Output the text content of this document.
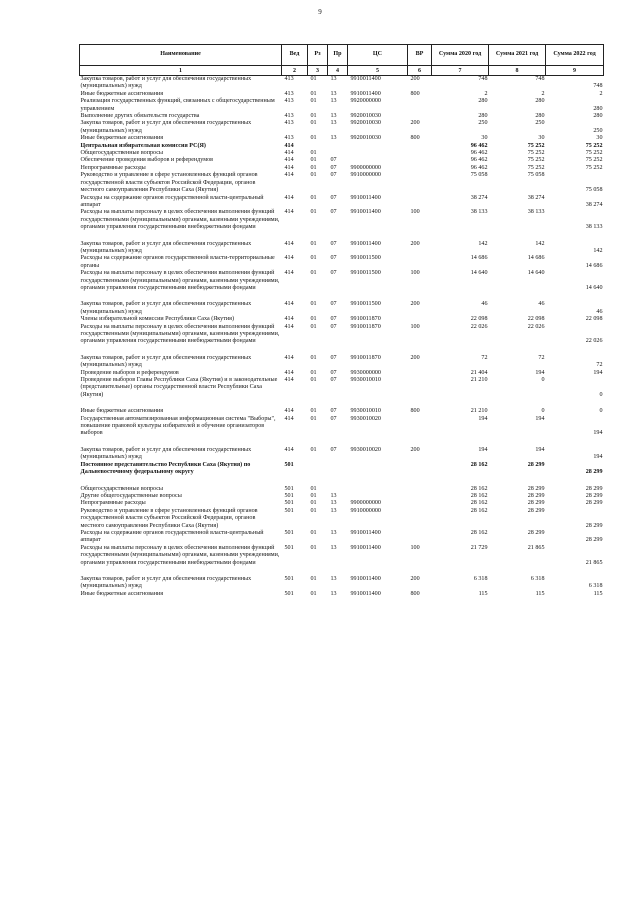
9
Наименование	Вед	Рз	Пр	ЦС	ВР	Сумма 2020 год	Сумма 2021 год	Сумма 2022 год
1	2	3	4	5	6	7	8	9
Закупка товаров, работ и услуг для обеспечения государственных (муниципальных) нужд	413	01	13	9910011400	200	748	748	748
Иные бюджетные ассигнования	413	01	13	9910011400	800	2	2	2
Реализация государственных функций, связанных с общегосударственным управлением	413	01	13	9920000000		280	280	280
Выполнение других обязательств государства	413	01	13	9920010030		280	280	280
Закупка товаров, работ и услуг для обеспечения государственных (муниципальных) нужд	413	01	13	9920010030	200	250	250	250
Иные бюджетные ассигнования	413	01	13	9920010030	800	30	30	30
Центральная избирательная комиссия РС(Я)	414					96 462	75 252	75 252
Общегосударственные вопросы	414	01				96 462	75 252	75 252
Обеспечение проведения выборов и референдумов	414	01	07			96 462	75 252	75 252
Непрограммные расходы	414	01	07	9900000000		96 462	75 252	75 252
Руководство и управление в сфере установленных функций органов государственной власти субъектов Российской Федерации, органов местного самоуправления Республики Саха (Якутия)	414	01	07	9910000000		75 058	75 058	75 058
Расходы на содержание органов государственной власти-центральный аппарат	414	01	07	9910011400		38 274	38 274	38 274
Расходы на выплаты персоналу в целях обеспечения выполнения функций государственными (муниципальными) органами, казенными учреждениями, органами управления государственными внебюджетными фондами	414	01	07	9910011400	100	38 133	38 133	38 133

Закупка товаров, работ и услуг для обеспечения государственных (муниципальных) нужд	414	01	07	9910011400	200	142	142	142
Расходы на содержание органов государственной власти-территориальные органы	414	01	07	9910011500		14 686	14 686	14 686
Расходы на выплаты персоналу в целях обеспечения выполнения функций государственными (муниципальными) органами, казенными учреждениями, органами управления государственными внебюджетными фондами	414	01	07	9910011500	100	14 640	14 640	14 640

Закупка товаров, работ и услуг для обеспечения государственных (муниципальных) нужд	414	01	07	9910011500	200	46	46	46
Члены избирательной комиссии Республики Саха (Якутия)	414	01	07	9910011870		22 098	22 098	22 098
Расходы на выплаты персоналу в целях обеспечения выполнения функций государственными (муниципальными) органами, казенными учреждениями, органами управления государственными внебюджетными фондами	414	01	07	9910011870	100	22 026	22 026	22 026

Закупка товаров, работ и услуг для обеспечения государственных (муниципальных) нужд	414	01	07	9910011870	200	72	72	72
Проведение выборов и референдумов	414	01	07	9930000000		21 404	194	194
Проведение выборов Главы Республики Саха (Якутия) и в законодательные (представительные) органы государственной власти Республики Саха (Якутия)	414	01	07	9930010010		21 210	0	0

Иные бюджетные ассигнования	414	01	07	9930010010	800	21 210	0	0
Государственная автоматизированная информационная система "Выборы", повышение правовой культуры избирателей и обучение организаторов выборов	414	01	07	9930010020		194	194	194

Закупка товаров, работ и услуг для обеспечения государственных (муниципальных) нужд	414	01	07	9930010020	200	194	194	194
Постоянное представительство Республики Саха (Якутия) по Дальневосточному федеральному округу	501					28 162	28 299	28 299

Общегосударственные вопросы	501	01				28 162	28 299	28 299
Другие общегосударственные вопросы	501	01	13			28 162	28 299	28 299
Непрограммные расходы	501	01	13	9900000000		28 162	28 299	28 299
Руководство и управление в сфере установленных функций органов государственной власти субъектов Российской Федерации, органов местного самоуправления Республики Саха (Якутия)	501	01	13	9910000000		28 162	28 299	28 299
Расходы на содержание органов государственной власти-центральный аппарат	501	01	13	9910011400		28 162	28 299	28 299
Расходы на выплаты персоналу в целях обеспечения выполнения функций государственными (муниципальными) органами, казенными учреждениями, органами управления государственными внебюджетными фондами	501	01	13	9910011400	100	21 729	21 865	21 865

Закупка товаров, работ и услуг для обеспечения государственных (муниципальных) нужд	501	01	13	9910011400	200	6 318	6 318	6 318
Иные бюджетные ассигнования	501	01	13	9910011400	800	115	115	115
